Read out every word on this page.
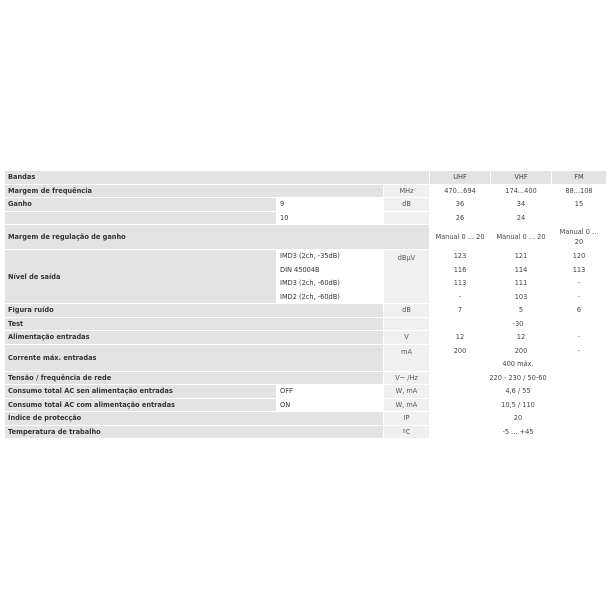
Bandas			UHF	VHF	FM
Margem de frequência		MHz	470...694	174...400	88...108
Ganho	9	dB	36	34	15
	10		26	24	
Margem de regulação de ganho			Manual 0 ... 20	Manual 0 ... 20	Manual 0 ... 20
Nível de saída	IMD3 (2ch, -35dB)	dBµV	123	121	120
	DIN 45004B		116	114	113
	IMD3 (2ch, -60dB)		113	111	-
	IMD2 (2ch, -60dB)		-	103	-
Figura ruído		dB	7	5	6
Test			-30		
Alimentação entradas		V	12	12	-
Corrente máx. entradas		mA	200	200	-
			400 máx.		
Tensão / frequência de rede		V~ /Hz	220 - 230 / 50-60		
Consumo total AC sen alimentação entradas	OFF	W, mA	4,6 / 55		
Consumo total AC com alimentação entradas	ON	W, mA	10,5 / 110		
Índice de protecção		IP	20		
Temperatura de trabalho		ºC	-5 ... +45		
